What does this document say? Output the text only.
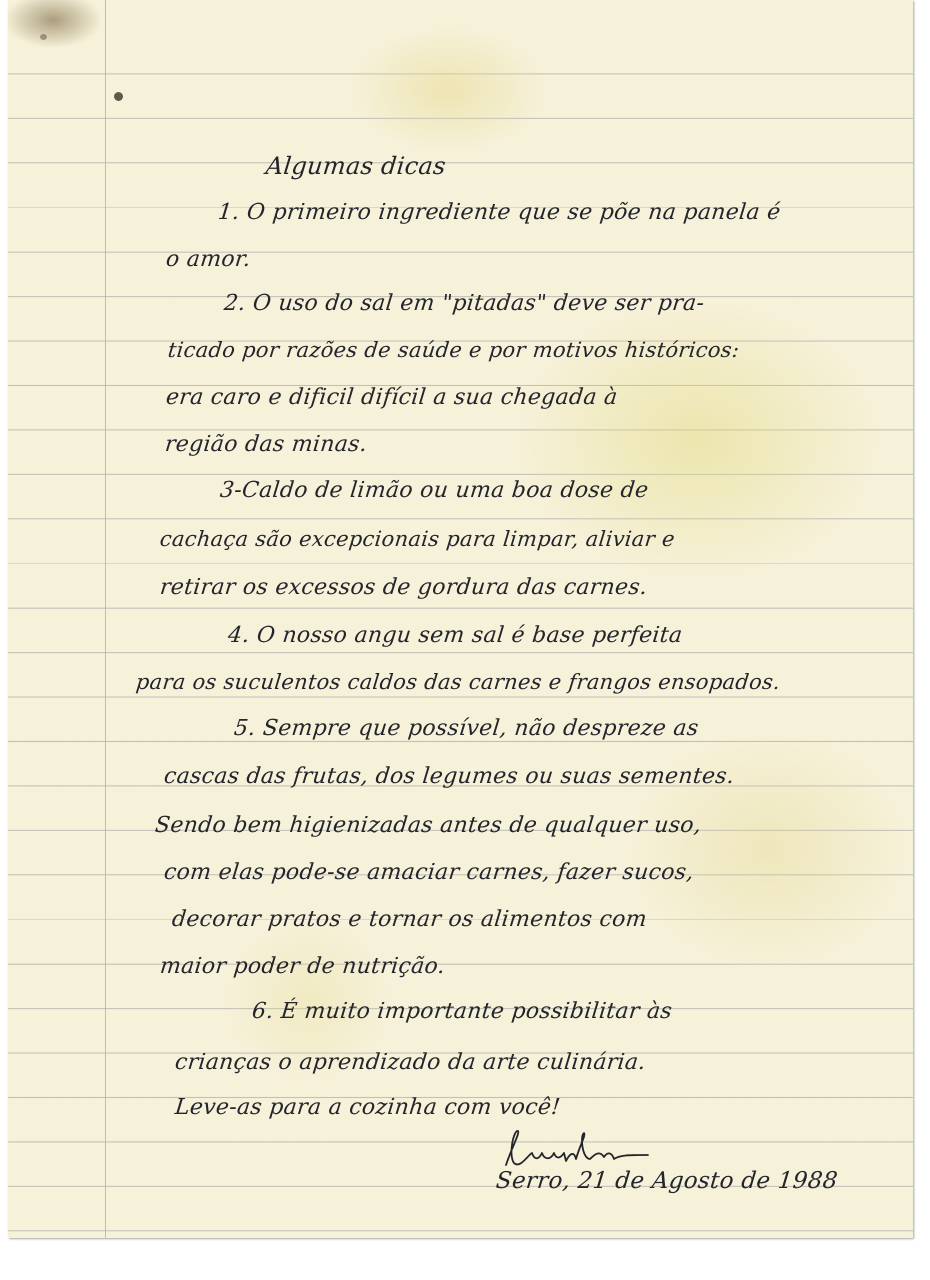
Algumas dicas
1. O primeiro ingrediente que se põe na panela é
o amor.
2. O uso do sal em "pitadas" deve ser pra-
ticado por razões de saúde e por motivos históricos:
era caro e dificil difícil a sua chegada à
região das minas.
3-Caldo de limão ou uma boa dose de
cachaça são excepcionais para limpar, aliviar e
retirar os excessos de gordura das carnes.
4. O nosso angu sem sal é base perfeita
para os suculentos caldos das carnes e frangos ensopados.
5. Sempre que possível, não despreze as
cascas das frutas, dos legumes ou suas sementes.
Sendo bem higienizadas antes de qualquer uso,
com elas pode-se amaciar carnes, fazer sucos,
decorar pratos e tornar os alimentos com
maior poder de nutrição.
6. É muito importante possibilitar às
crianças o aprendizado da arte culinária.
Leve-as para a cozinha com você!
Serro, 21 de Agosto de 1988
